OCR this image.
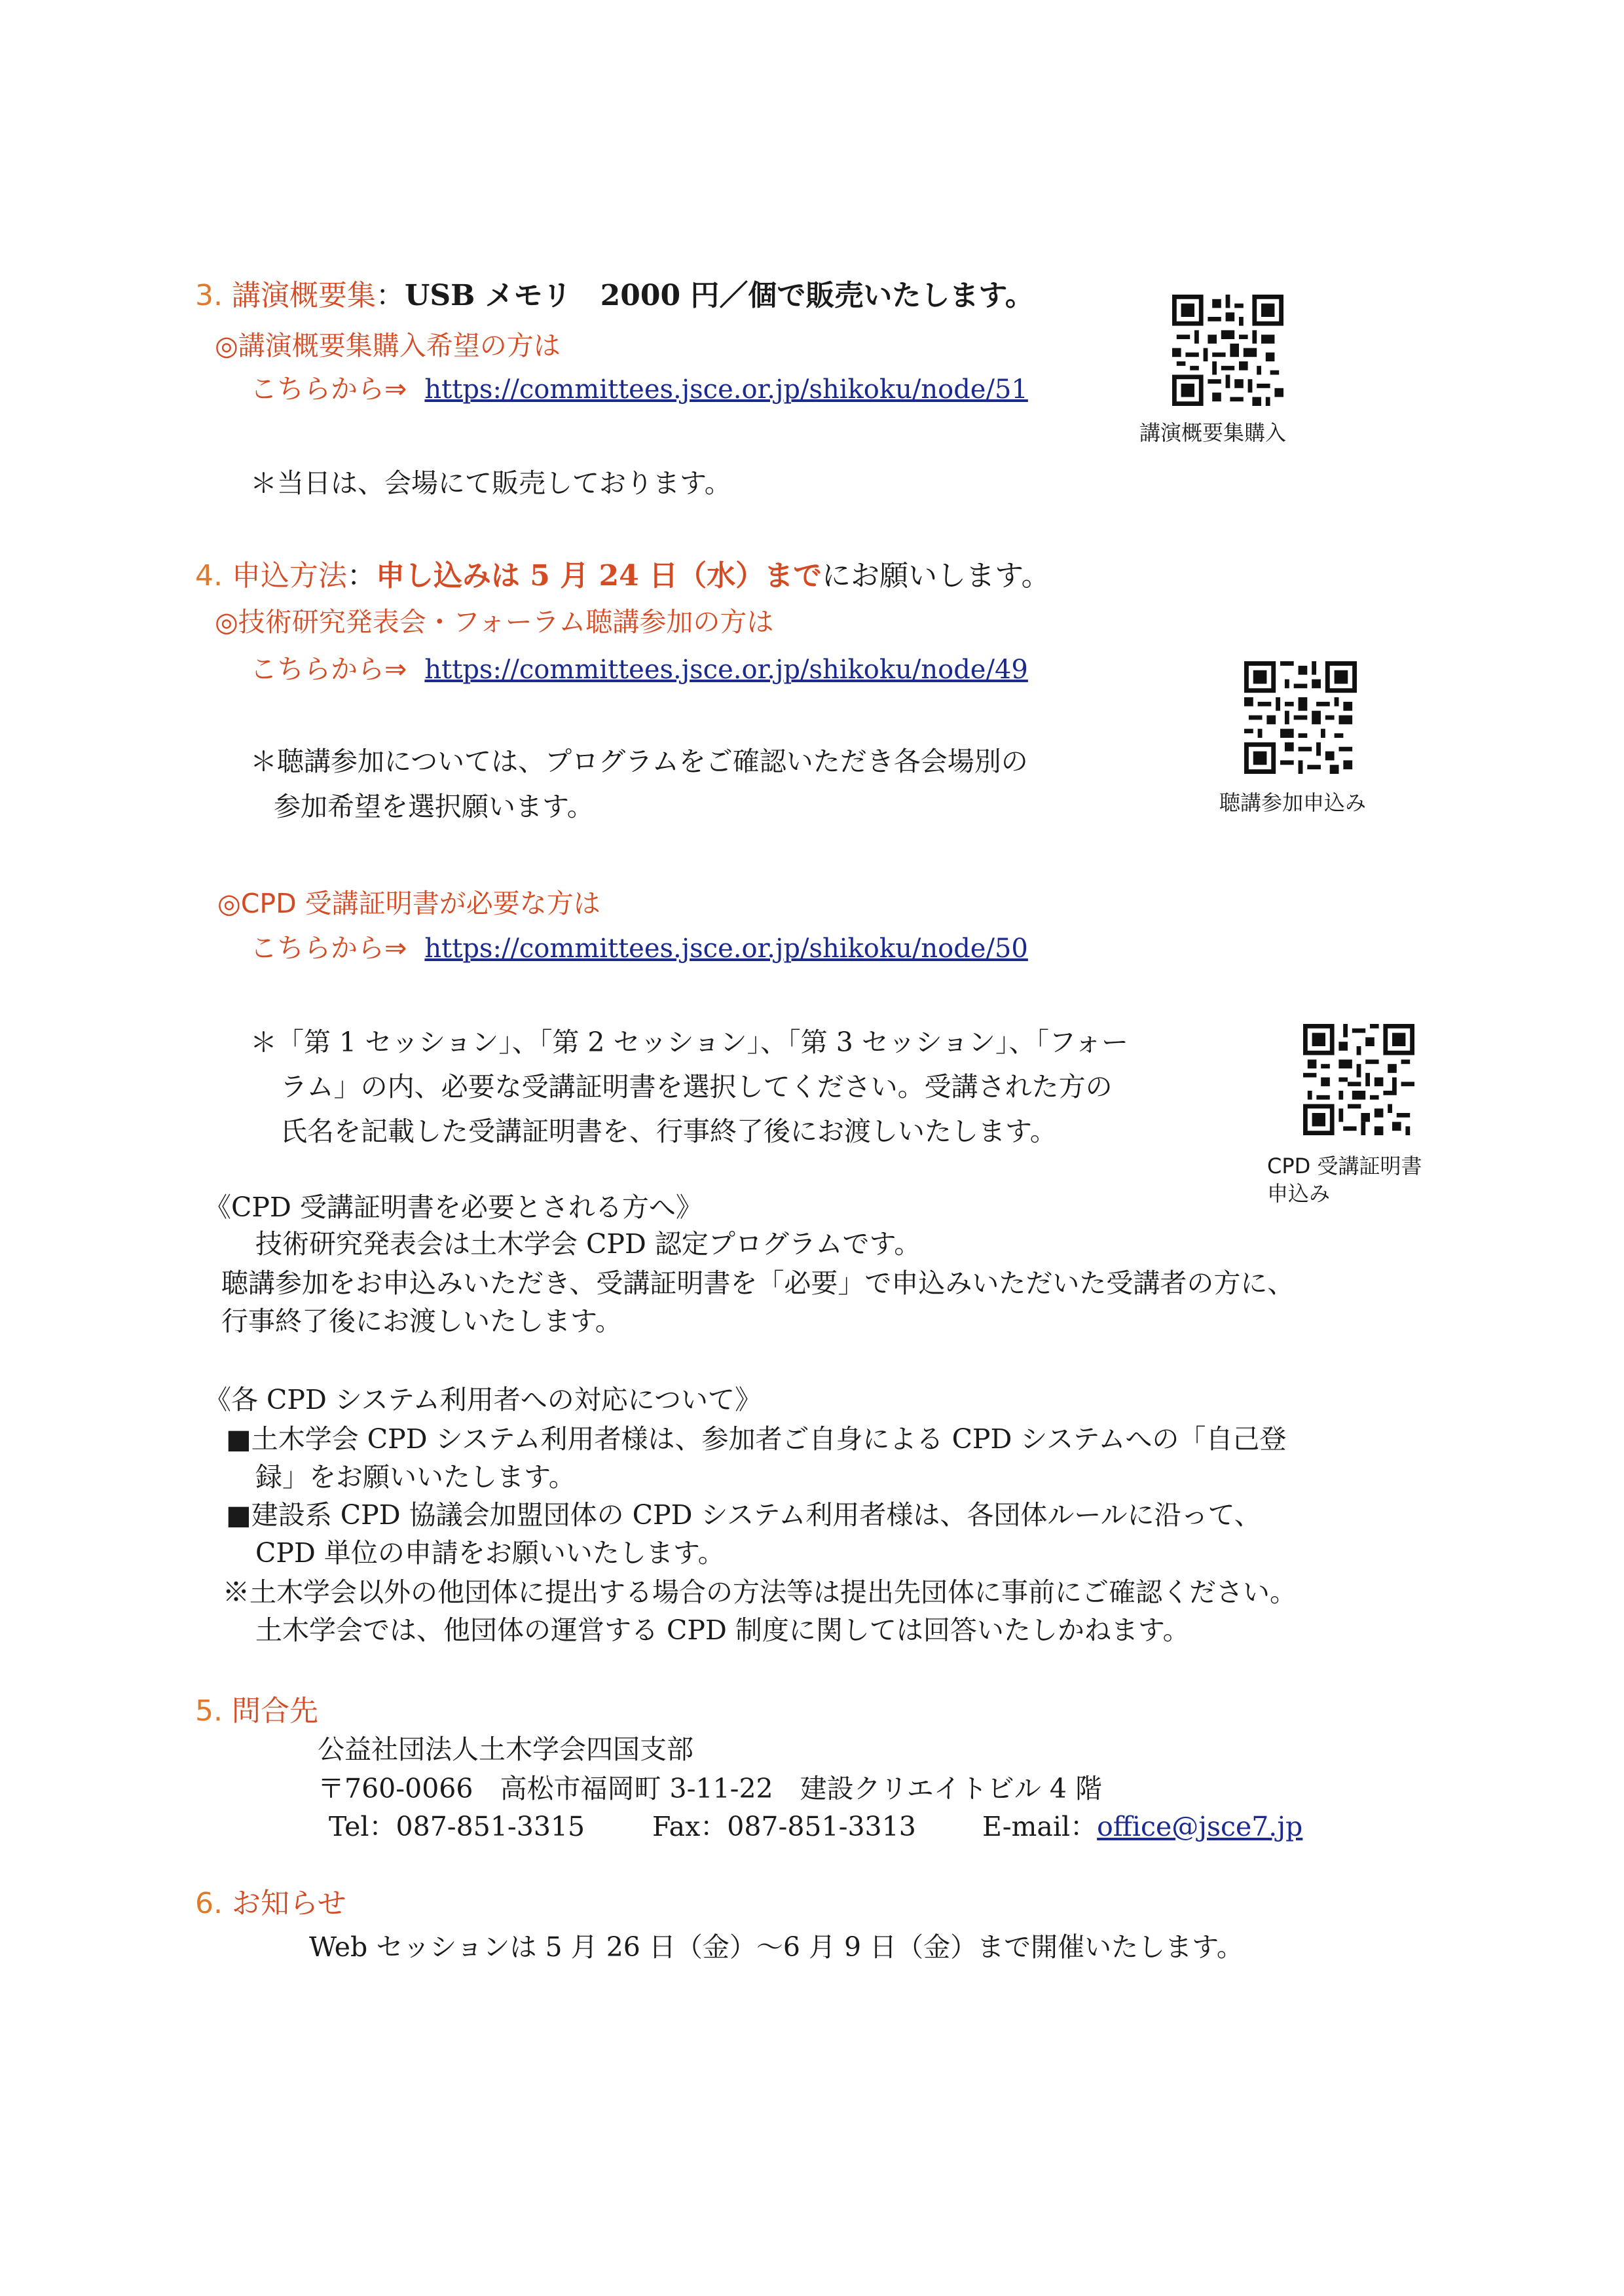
3. 講演概要集：USB メモリ　2000 円／個で販売いたします。
◎講演概要集購入希望の方は
こちらから⇒ https://committees.jsce.or.jp/shikoku/node/51
＊当日は、会場にて販売しております。
講演概要集購入
4. 申込方法：申し込みは 5 月 24 日（水）までにお願いします。
◎技術研究発表会・フォーラム聴講参加の方は
こちらから⇒ https://committees.jsce.or.jp/shikoku/node/49
＊聴講参加については、プログラムをご確認いただき各会場別の
参加希望を選択願います。	聴講参加申込み
◎CPD 受講証明書が必要な方は
こちらから⇒ https://committees.jsce.or.jp/shikoku/node/50
＊「第 1 セッション」、「第 2 セッション」、「第 3 セッション」、「フォー
ラム」の内、必要な受講証明書を選択してください。受講された方の
氏名を記載した受講証明書を、行事終了後にお渡しいたします。
CPD 受講証明書
申込み
《CPD 受講証明書を必要とされる方へ》
技術研究発表会は土木学会 CPD 認定プログラムです。
聴講参加をお申込みいただき、受講証明書を「必要」で申込みいただいた受講者の方に、
行事終了後にお渡しいたします。
《各 CPD システム利用者への対応について》
■土木学会 CPD システム利用者様は、参加者ご自身による CPD システムへの「自己登
録」をお願いいたします。
■建設系 CPD 協議会加盟団体の CPD システム利用者様は、各団体ルールに沿って、
CPD 単位の申請をお願いいたします。
※土木学会以外の他団体に提出する場合の方法等は提出先団体に事前にご確認ください。
土木学会では、他団体の運営する CPD 制度に関しては回答いたしかねます。
5. 問合先
公益社団法人土木学会四国支部
〒760-0066　高松市福岡町 3-11-22　建設クリエイトビル 4 階
Tel：087-851-3315	Fax：087-851-3313 E-mail：office@jsce7.jp
6. お知らせ
Web セッションは 5 月 26 日（金）～6 月 9 日（金）まで開催いたします。
